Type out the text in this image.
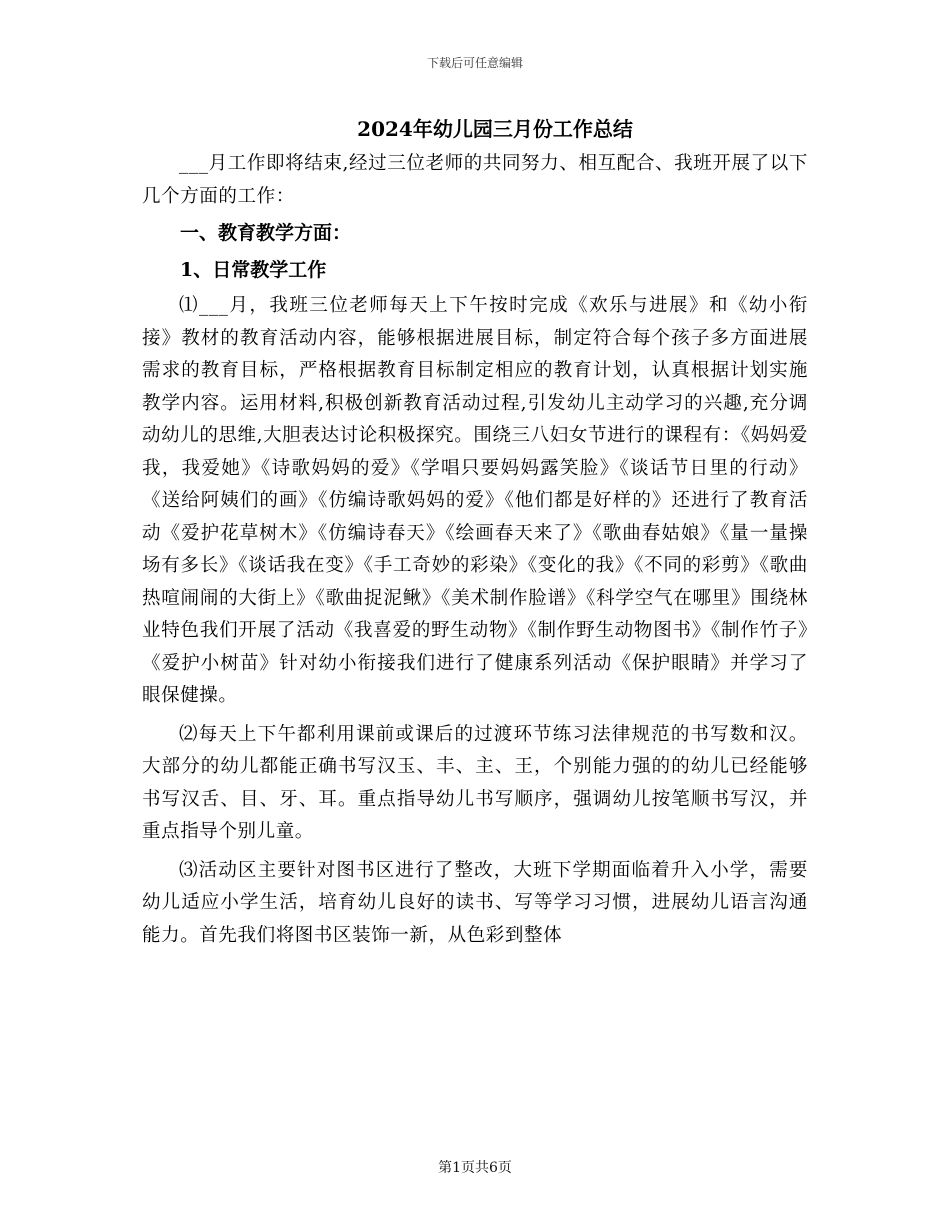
下载后可任意编辑
2024年幼儿园三月份工作总结

___月工作即将结束,经过三位老师的共同努力、相互配合、我班开展了以下几个方面的工作：

一、教育教学方面：
1、日常教学工作

⑴___月，我班三位老师每天上下午按时完成《欢乐与进展》和《幼小衔接》教材的教育活动内容，能够根据进展目标，制定符合每个孩子多方面进展需求的教育目标，严格根据教育目标制定相应的教育计划，认真根据计划实施教学内容。运用材料,积极创新教育活动过程,引发幼儿主动学习的兴趣,充分调动幼儿的思维,大胆表达讨论积极探究。围绕三八妇女节进行的课程有：《妈妈爱我，我爱她》《诗歌妈妈的爱》《学唱只要妈妈露笑脸》《谈话节日里的行动》《送给阿姨们的画》《仿编诗歌妈妈的爱》《他们都是好样的》还进行了教育活动《爱护花草树木》《仿编诗春天》《绘画春天来了》《歌曲春姑娘》《量一量操场有多长》《谈话我在变》《手工奇妙的彩染》《变化的我》《不同的彩剪》《歌曲热喧闹闹的大街上》《歌曲捉泥鳅》《美术制作脸谱》《科学空气在哪里》围绕林业特色我们开展了活动《我喜爱的野生动物》《制作野生动物图书》《制作竹子》《爱护小树苗》针对幼小衔接我们进行了健康系列活动《保护眼睛》并学习了眼保健操。

⑵每天上下午都利用课前或课后的过渡环节练习法律规范的书写数和汉。大部分的幼儿都能正确书写汉玉、丰、主、王，个别能力强的的幼儿已经能够书写汉舌、目、牙、耳。重点指导幼儿书写顺序，强调幼儿按笔顺书写汉，并重点指导个别儿童。

⑶活动区主要针对图书区进行了整改，大班下学期面临着升入小学，需要幼儿适应小学生活，培育幼儿良好的读书、写等学习习惯，进展幼儿语言沟通能力。首先我们将图书区装饰一新，从色彩到整体

第1页共6页
